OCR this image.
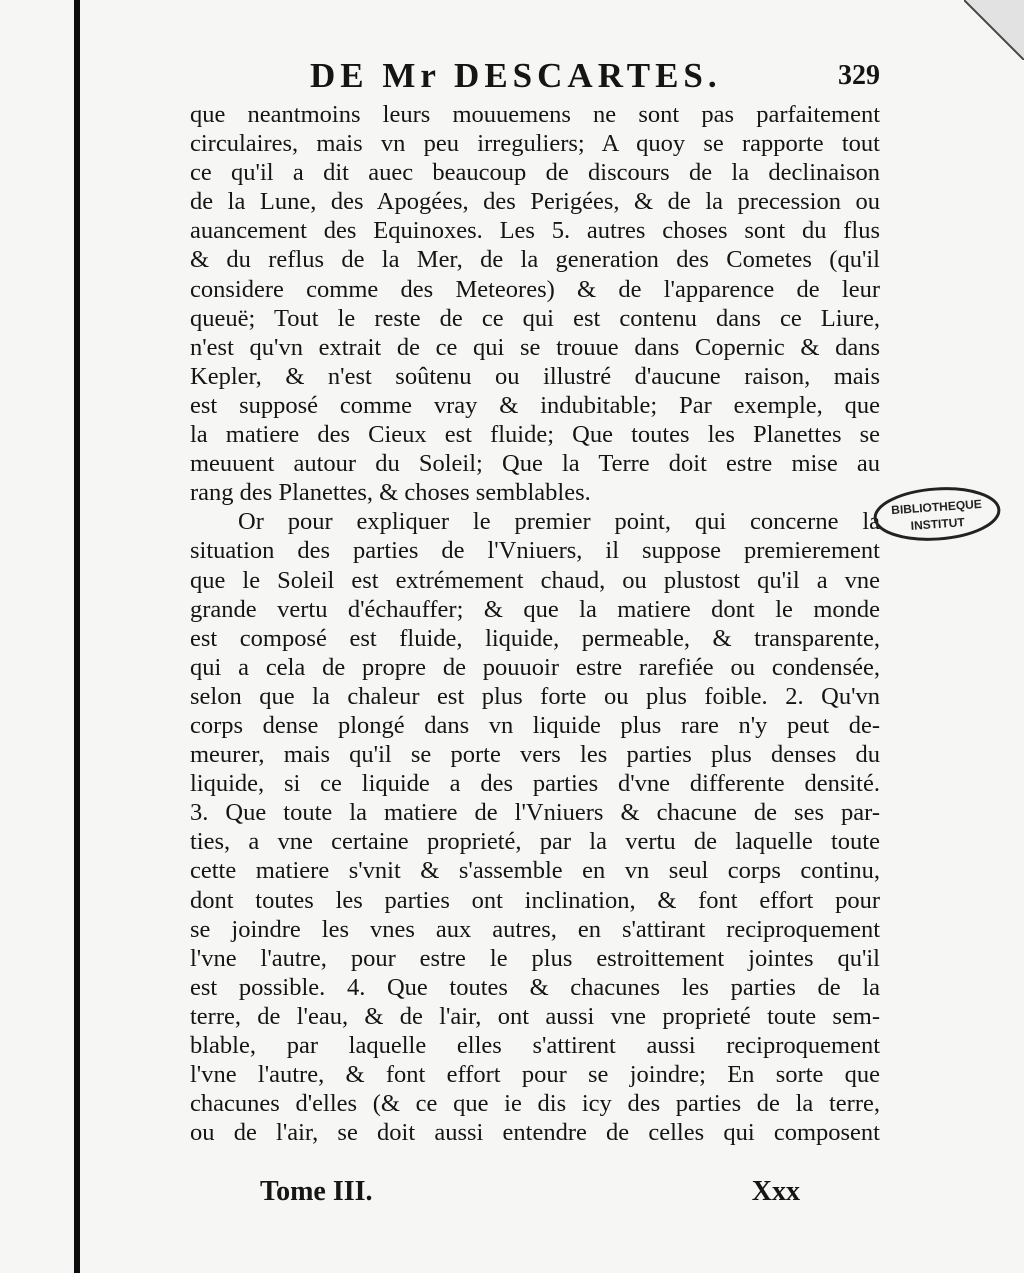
DE Mr DESCARTES.	329
que neantmoins leurs mouuemens ne sont pas parfaitement
circulaires, mais vn peu irreguliers; A quoy se rapporte tout
ce qu'il a dit auec beaucoup de discours de la declinaison
de la Lune, des Apogées, des Perigées, & de la precession ou
auancement des Equinoxes. Les 5. autres choses sont du flus
& du reflus de la Mer, de la generation des Cometes (qu'il
considere comme des Meteores) & de l'apparence de leur
queuë; Tout le reste de ce qui est contenu dans ce Liure,
n'est qu'vn extrait de ce qui se trouue dans Copernic & dans
Kepler, & n'est soûtenu ou illustré d'aucune raison, mais
est supposé comme vray & indubitable; Par exemple, que
la matiere des Cieux est fluide; Que toutes les Planettes se
meuuent autour du Soleil; Que la Terre doit estre mise au
rang des Planettes, & choses semblables.
Or pour expliquer le premier point, qui concerne la
situation des parties de l'Vniuers, il suppose premierement
que le Soleil est extrémement chaud, ou plustost qu'il a vne
grande vertu d'échauffer; & que la matiere dont le monde
est composé est fluide, liquide, permeable, & transparente,
qui a cela de propre de pouuoir estre rarefiée ou condensée,
selon que la chaleur est plus forte ou plus foible. 2. Qu'vn
corps dense plongé dans vn liquide plus rare n'y peut de-
meurer, mais qu'il se porte vers les parties plus denses du
liquide, si ce liquide a des parties d'vne differente densité.
3. Que toute la matiere de l'Vniuers & chacune de ses par-
ties, a vne certaine proprieté, par la vertu de laquelle toute
cette matiere s'vnit & s'assemble en vn seul corps continu,
dont toutes les parties ont inclination, & font effort pour
se joindre les vnes aux autres, en s'attirant reciproquement
l'vne l'autre, pour estre le plus estroittement jointes qu'il
est possible. 4. Que toutes & chacunes les parties de la
terre, de l'eau, & de l'air, ont aussi vne proprieté toute sem-
blable, par laquelle elles s'attirent aussi reciproquement
l'vne l'autre, & font effort pour se joindre; En sorte que
chacunes d'elles (& ce que ie dis icy des parties de la terre,
ou de l'air, se doit aussi entendre de celles qui composent
BIBLIOTHEQUE
INSTITUT
Tome III.	Xxx
